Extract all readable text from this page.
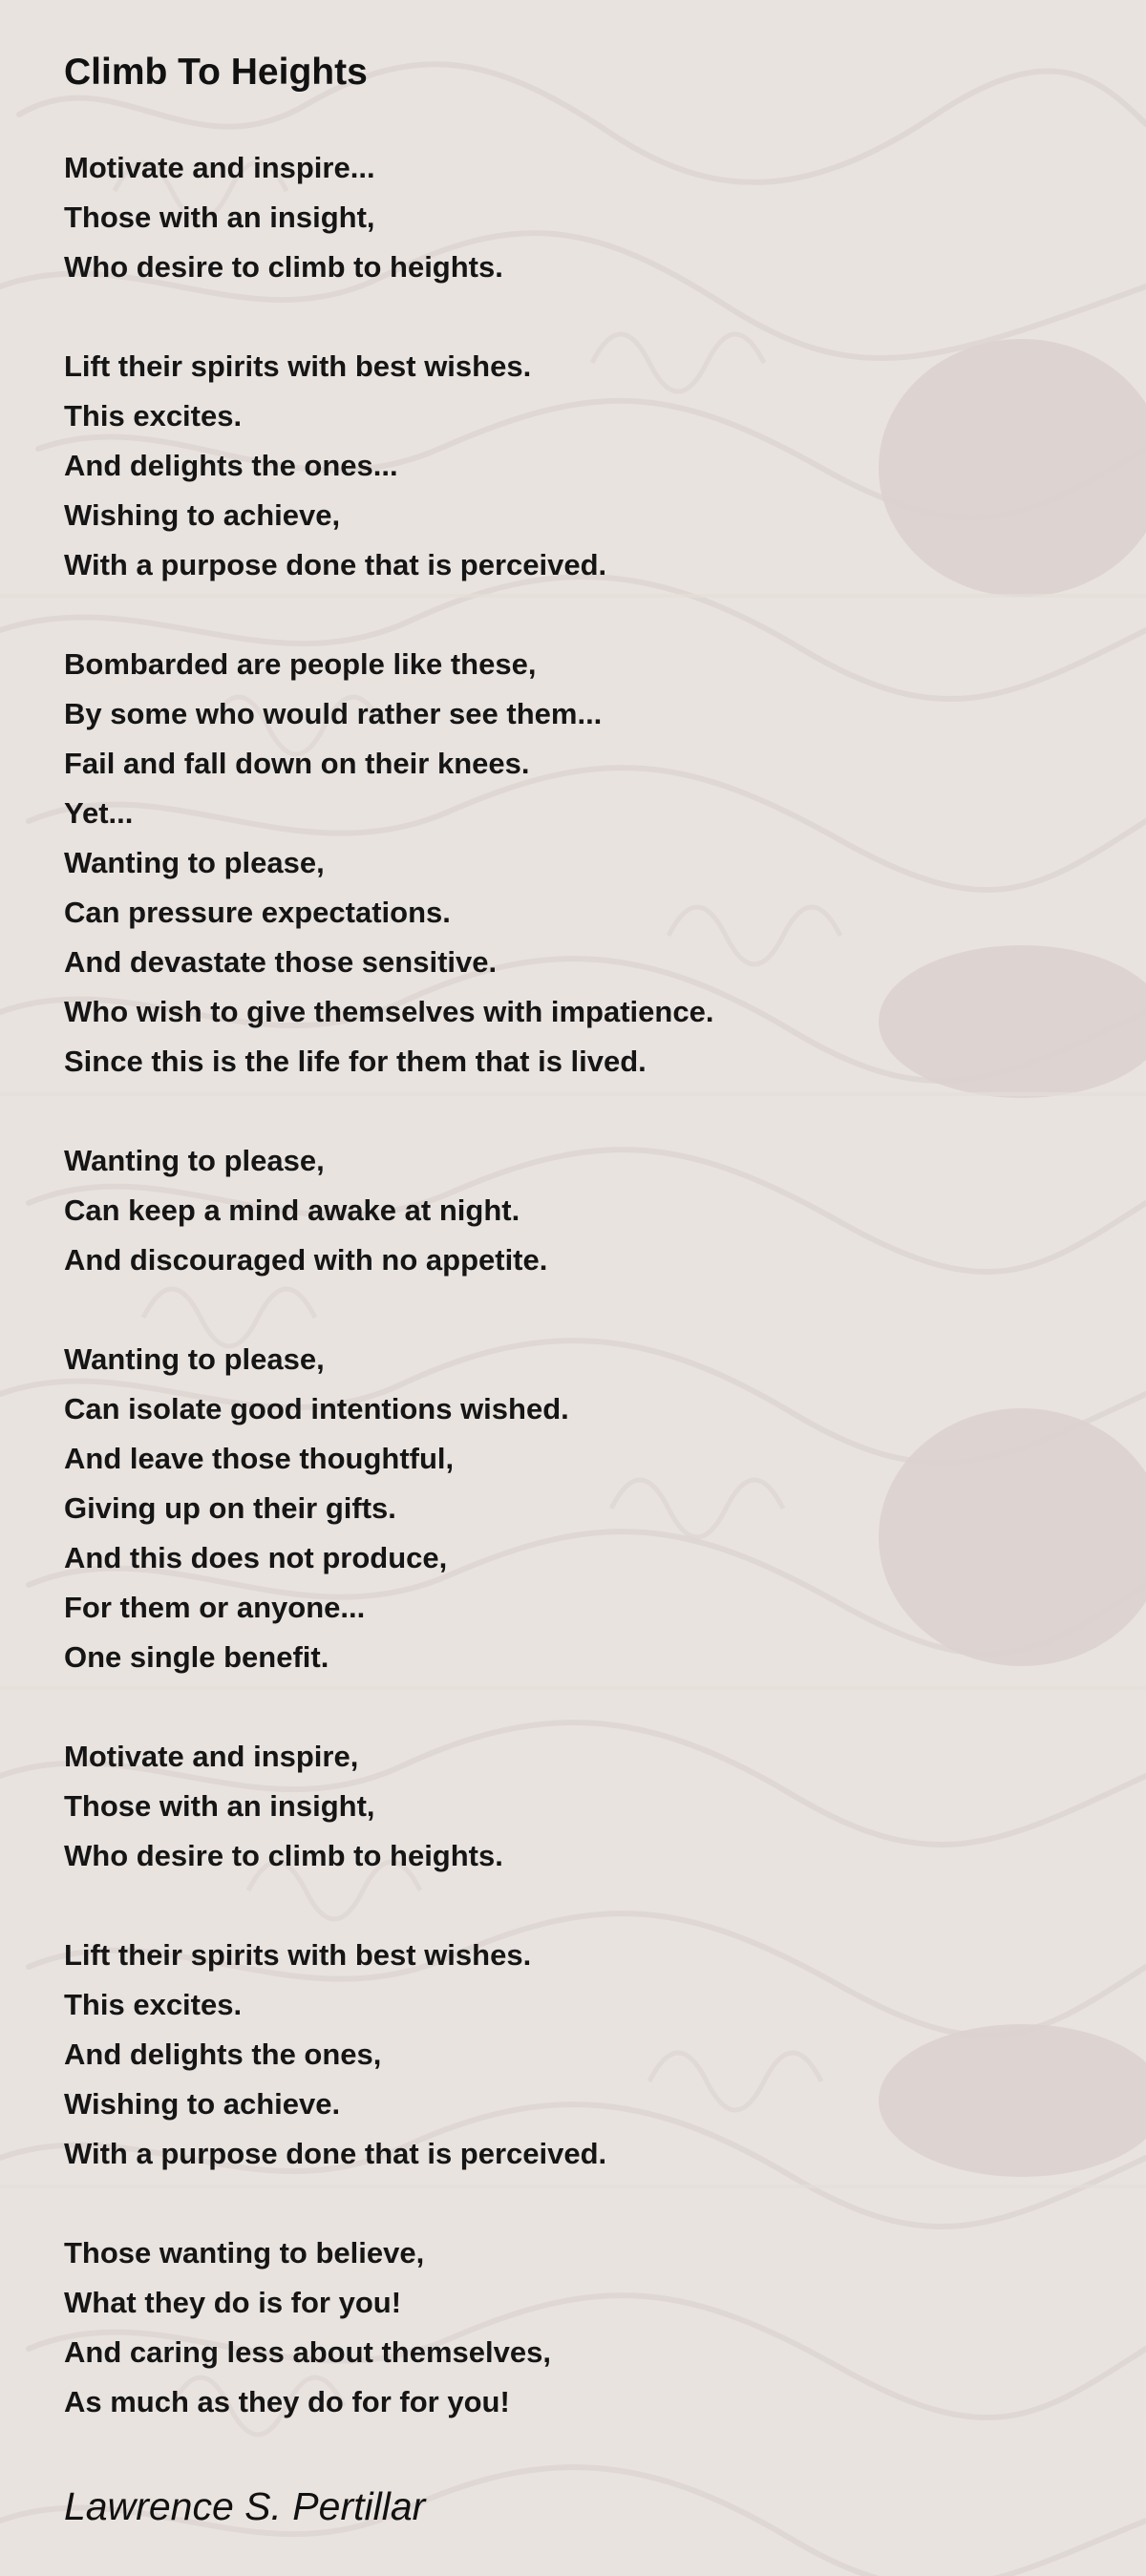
Climb To Heights
Motivate and inspire...
Those with an insight,
Who desire to climb to heights.
Lift their spirits with best wishes.
This excites.
And delights the ones...
Wishing to achieve,
With a purpose done that is perceived.
Bombarded are people like these,
By some who would rather see them...
Fail and fall down on their knees.
Yet...
Wanting to please,
Can pressure expectations.
And devastate those sensitive.
Who wish to give themselves with impatience.
Since this is the life for them that is lived.
Wanting to please,
Can keep a mind awake at night.
And discouraged with no appetite.
Wanting to please,
Can isolate good intentions wished.
And leave those thoughtful,
Giving up on their gifts.
And this does not produce,
For them or anyone...
One single benefit.
Motivate and inspire,
Those with an insight,
Who desire to climb to heights.
Lift their spirits with best wishes.
This excites.
And delights the ones,
Wishing to achieve.
With a purpose done that is perceived.
Those wanting to believe,
What they do is for you!
And caring less about themselves,
As much as they do for for you!
Lawrence S. Pertillar
